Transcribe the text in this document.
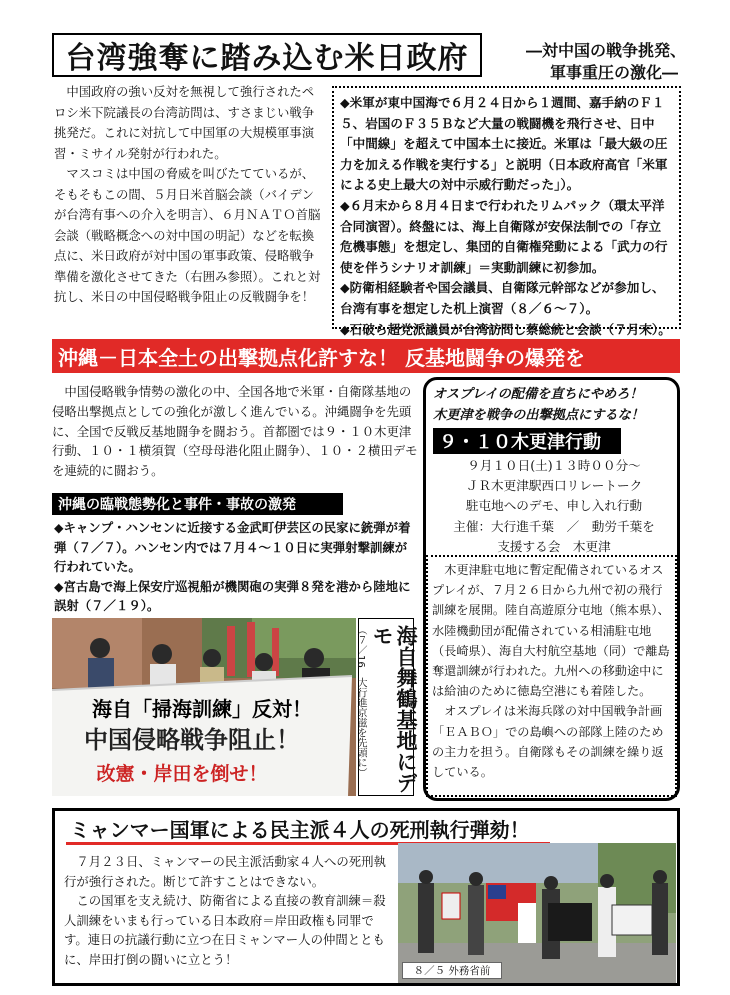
台湾強奪に踏み込む米日政府	―対中国の戦争挑発、
軍事重圧の激化―

中国政府の強い反対を無視して強行されたペロシ米下院議長の台湾訪問は、すさまじい戦争挑発だ。これに対抗して中国軍の大規模軍事演習・ミサイル発射が行われた。

マスコミは中国の脅威を叫びたてているが、そもそもこの間、５月日米首脳会談（バイデンが台湾有事への介入を明言）、６月ＮＡＴＯ首脳会談（戦略概念への対中国の明記）などを転換点に、米日政府が対中国の軍事政策、侵略戦争準備を激化させてきた（右囲み参照）。これと対抗し、米日の中国侵略戦争阻止の反戦闘争を！

◆米軍が東中国海で６月２４日から１週間、嘉手納のＦ１５、岩国のＦ３５Ｂなど大量の戦闘機を飛行させ、日中「中間線」を超えて中国本土に接近。米軍は「最大級の圧力を加える作戦を実行する」と説明（日本政府高官「米軍による史上最大の対中示威行動だった」）。

◆６月末から８月４日まで行われたリムパック（環太平洋合同演習）。終盤には、海上自衛隊が安保法制での「存立危機事態」を想定し、集団的自衛権発動による「武力の行使を伴うシナリオ訓練」＝実動訓練に初参加。

◆防衛相経験者や国会議員、自衛隊元幹部などが参加し、台湾有事を想定した机上演習（８／６～７）。

◆石破ら超党派議員が台湾訪問し蔡総統と会談（７月末）。

沖縄－日本全土の出撃拠点化許すな！ 反基地闘争の爆発を

中国侵略戦争情勢の激化の中、全国各地で米軍・自衛隊基地の侵略出撃拠点としての強化が激しく進んでいる。沖縄闘争を先頭に、全国で反戦反基地闘争を闘おう。首都圏では９・１０木更津行動、１０・１横須賀（空母母港化阻止闘争）、１０・２横田デモを連続的に闘おう。

沖縄の臨戦態勢化と事件・事故の激発

◆キャンプ・ハンセンに近接する金武町伊芸区の民家に銃弾が着弾（７／７）。ハンセン内では７月４～１０日に実弾射撃訓練が行われていた。

◆宮古島で海上保安庁巡視船が機関砲の実弾８発を港から陸地に誤射（７／１９）。

海自「掃海訓練」反対！
中国侵略戦争阻止！
改憲・岸田を倒せ！	海自舞鶴基地にデモ
（７／16　大行進京滋を先頭に）
オスプレイの配備を直ちにやめろ！
木更津を戦争の出撃拠点にするな！
９・１０木更津行動
９月１０日(土)１３時００分～
ＪＲ木更津駅西口リレートーク
駐屯地へのデモ、申し入れ行動
主催：大行進千葉　／　動労千葉を
支援する会　木更津

木更津駐屯地に暫定配備されているオスプレイが、７月２６日から九州で初の飛行訓練を展開。陸自高遊原分屯地（熊本県）、水陸機動団が配備されている相浦駐屯地（長崎県）、海自大村航空基地（同）で離島奪還訓練が行われた。九州への移動途中には給油のために徳島空港にも着陸した。

オスプレイは米海兵隊の対中国戦争計画「ＥＡＢＯ」での島嶼への部隊上陸のための主力を担う。自衛隊もその訓練を繰り返している。

ミャンマー国軍による民主派４人の死刑執行弾劾！

７月２３日、ミャンマーの民主派活動家４人への死刑執行が強行された。断じて許すことはできない。

この国軍を支え続け、防衛省による直接の教育訓練＝殺人訓練をいまも行っている日本政府＝岸田政権も同罪です。連日の抗議行動に立つ在日ミャンマー人の仲間とともに、岸田打倒の闘いに立とう！

８／５ 外務省前
